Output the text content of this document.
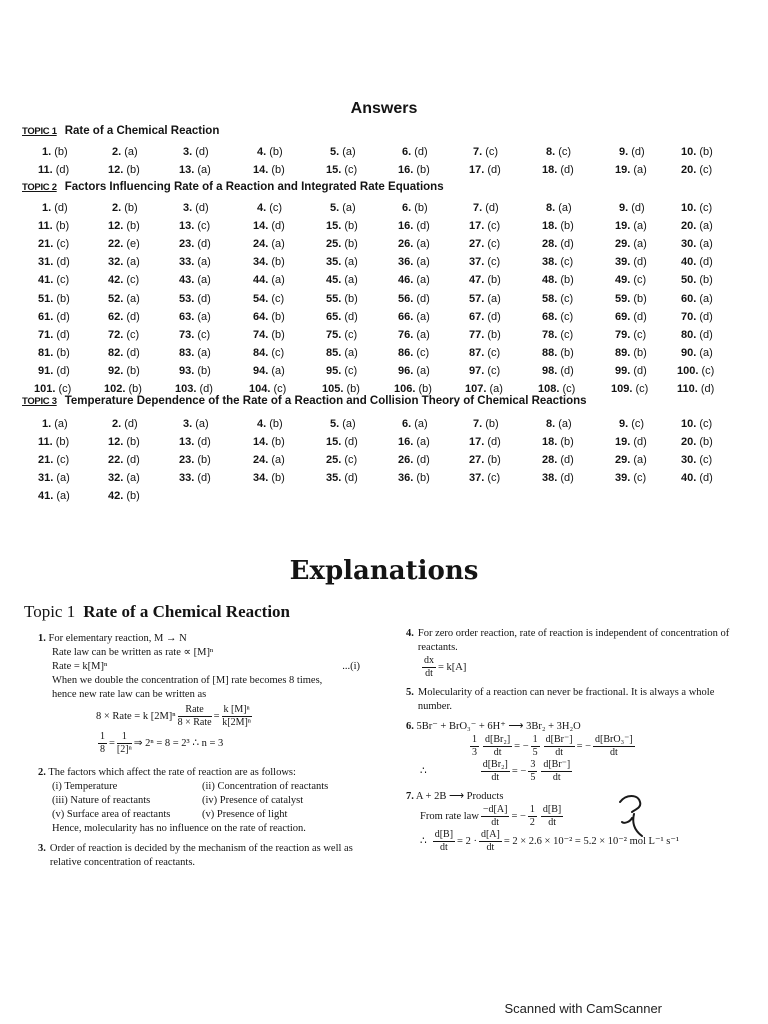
Answers
TOPIC 1 Rate of a Chemical Reaction
TOPIC 2 Factors Influencing Rate of a Reaction and Integrated Rate Equations
TOPIC 3 Temperature Dependence of the Rate of a Reaction and Collision Theory of Chemical Reactions
1. (b)	2. (a)	3. (d)	4. (b)	5. (a)	6. (d)	7. (c)	8. (c)	9. (d)	10. (b)
11. (d)	12. (b)	13. (a)	14. (b)	15. (c)	16. (b)	17. (d)	18. (d)	19. (a)	20. (c)
1. (d)	2. (b)	3. (d)	4. (c)	5. (a)	6. (b)	7. (d)	8. (a)	9. (d)	10. (c)
11. (b)	12. (b)	13. (c)	14. (d)	15. (b)	16. (d)	17. (c)	18. (b)	19. (a)	20. (a)
21. (c)	22. (e)	23. (d)	24. (a)	25. (b)	26. (a)	27. (c)	28. (d)	29. (a)	30. (a)
31. (d)	32. (a)	33. (a)	34. (b)	35. (a)	36. (a)	37. (c)	38. (c)	39. (d)	40. (d)
41. (c)	42. (c)	43. (a)	44. (a)	45. (a)	46. (a)	47. (b)	48. (b)	49. (c)	50. (b)
51. (b)	52. (a)	53. (d)	54. (c)	55. (b)	56. (d)	57. (a)	58. (c)	59. (b)	60. (a)
61. (d)	62. (d)	63. (a)	64. (b)	65. (d)	66. (a)	67. (d)	68. (c)	69. (d)	70. (d)
71. (d)	72. (c)	73. (c)	74. (b)	75. (c)	76. (a)	77. (b)	78. (c)	79. (c)	80. (d)
81. (b)	82. (d)	83. (a)	84. (c)	85. (a)	86. (c)	87. (c)	88. (b)	89. (b)	90. (a)
91. (d)	92. (b)	93. (b)	94. (a)	95. (c)	96. (a)	97. (c)	98. (d)	99. (d)	100. (c)
101. (c)	102. (b)	103. (d)	104. (c)	105. (b)	106. (b)	107. (a)	108. (c)	109. (c)	110. (d)
1. (a)	2. (d)	3. (a)	4. (b)	5. (a)	6. (a)	7. (b)	8. (a)	9. (c)	10. (c)
11. (b)	12. (b)	13. (d)	14. (b)	15. (d)	16. (a)	17. (d)	18. (b)	19. (d)	20. (b)
21. (c)	22. (d)	23. (b)	24. (a)	25. (c)	26. (d)	27. (b)	28. (d)	29. (a)	30. (c)
31. (a)	32. (a)	33. (d)	34. (b)	35. (d)	36. (b)	37. (c)	38. (d)	39. (c)	40. (d)
41. (a)	42. (b)
Explanations
Topic 1 Rate of a Chemical Reaction
1. For elementary reaction, M → N
Rate law can be written as rate ∝ [M]ⁿ
Rate = k[M]ⁿ	...(i)
When we double the concentration of [M] rate becomes 8 times,
hence new rate law can be written as
8 × Rate = k $[2M]^n \frac{\text{Rate}}{\text{8 × Rate}} = \frac{\text{k [M]ⁿ}}{\text{k[2M]ⁿ}}$
$\frac{1}{8} = \frac{1}{\text{[2]ⁿ}}$ ⇒ 2ⁿ = 8 = 2³ ∴ n = 3
2. The factors which affect the rate of reaction are as follows:
(i) Temperature	(ii) Concentration of reactants
(iii) Nature of reactants	(iv) Presence of catalyst
(v) Surface area of reactants	(v) Presence of light
Hence, molecularity has no influence on the rate of reaction.
3. Order of reaction is decided by the mechanism of the reaction as well as relative concentration of reactants.
4. For zero order reaction, rate of reaction is independent of concentration of reactants.
$\frac{dx}{dt} = k[A]$
5. Molecularity of a reaction can never be fractional. It is always a whole number.
6. 5Br⁻ + BrO₃⁻ + 6H⁺ ⟶ 3Br₂ + 3H₂O
$\frac{1}{3} \frac{\text{d[Br₂]}}{dt}$ = − $\frac{1}{5} \frac{d[Br^-]}{dt}$ = − $\frac{\text{d[BrO₃⁻]}}{dt}$
∴	$\frac{\text{d[Br₂]}}{dt}$ = − $\frac{3}{5} \frac{d[Br^-]}{dt}$
7. A + 2B ⟶ Products
From rate law $\frac{-d[A]}{dt}$ = − $\frac{1}{2} \frac{d[B]}{dt}$
∴ $\frac{d[B]}{dt} = 2 \cdot \frac{d[A]}{dt} = 2 \times 2.6 \times 10^{-2} = 5.2 \times 10^{-2}$ mol L⁻¹ s⁻¹
Scanned with CamScanner
